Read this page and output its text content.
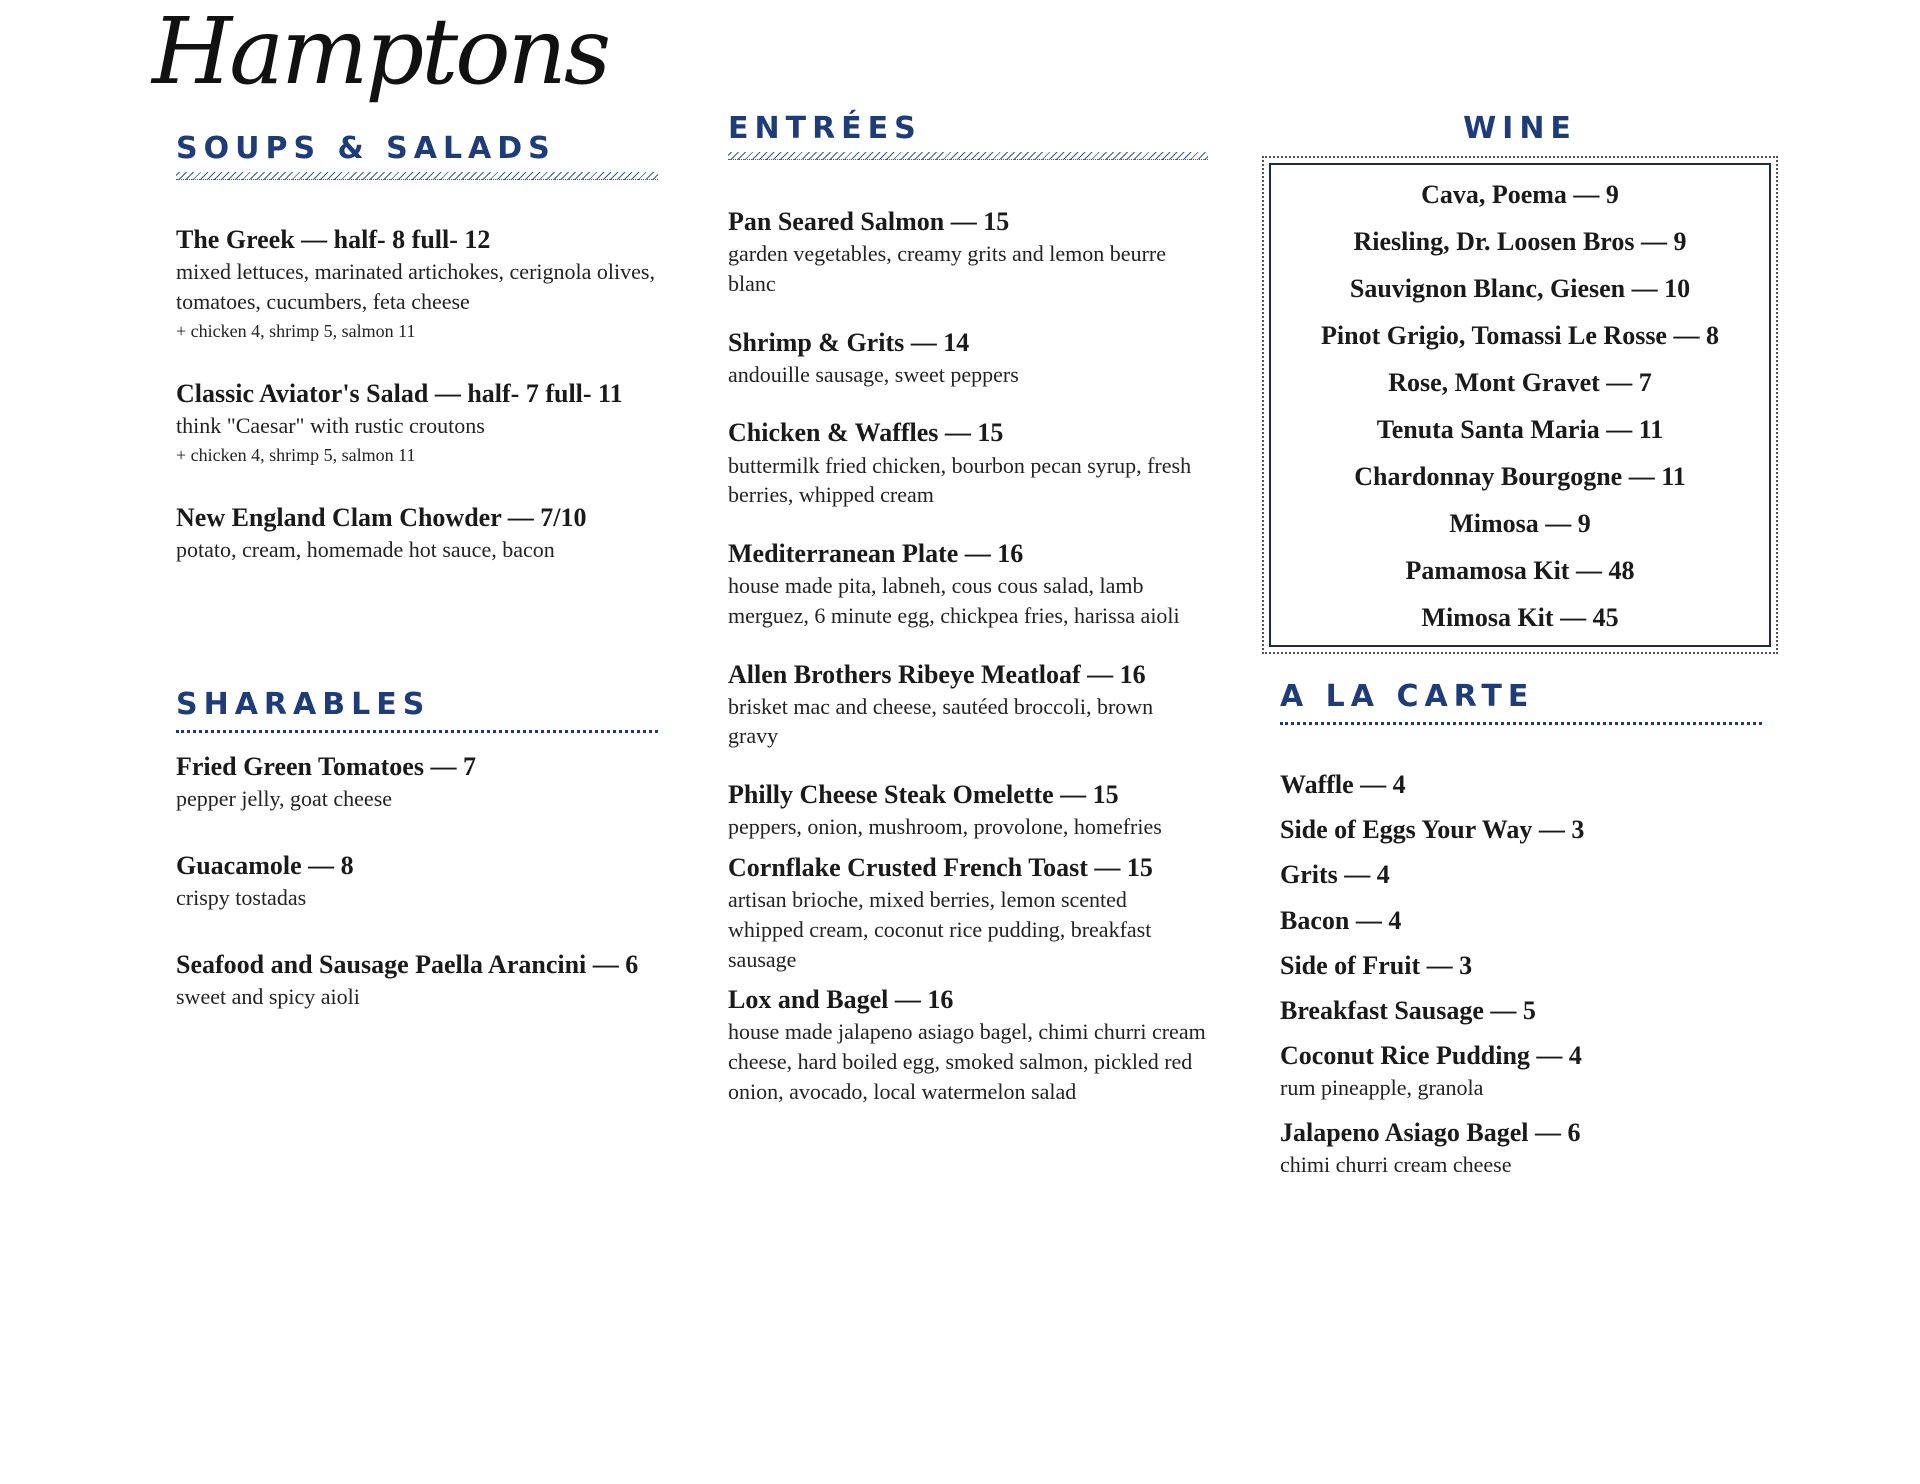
Hamptons
SOUPS & SALADS

The Greek — half- 8 full- 12

mixed lettuces, marinated artichokes, cerignola olives, tomatoes, cucumbers, feta cheese

+ chicken 4, shrimp 5, salmon 11

Classic Aviator's Salad — half- 7 full- 11

think "Caesar" with rustic croutons

+ chicken 4, shrimp 5, salmon 11

New England Clam Chowder — 7/10

potato, cream, homemade hot sauce, bacon

SHARABLES

Fried Green Tomatoes — 7

pepper jelly, goat cheese

Guacamole — 8

crispy tostadas

Seafood and Sausage Paella Arancini — 6

sweet and spicy aioli

ENTRÉES

Pan Seared Salmon — 15

garden vegetables, creamy grits and lemon beurre blanc

Shrimp & Grits — 14

andouille sausage, sweet peppers

Chicken & Waffles — 15

buttermilk fried chicken, bourbon pecan syrup, fresh berries, whipped cream

Mediterranean Plate — 16

house made pita, labneh, cous cous salad, lamb merguez, 6 minute egg, chickpea fries, harissa aioli

Allen Brothers Ribeye Meatloaf — 16

brisket mac and cheese, sautéed broccoli, brown gravy

Philly Cheese Steak Omelette — 15

peppers, onion, mushroom, provolone, homefries

Cornflake Crusted French Toast — 15

artisan brioche, mixed berries, lemon scented whipped cream, coconut rice pudding, breakfast sausage

Lox and Bagel — 16

house made jalapeno asiago bagel, chimi churri cream cheese, hard boiled egg, smoked salmon, pickled red onion, avocado, local watermelon salad

WINE

Cava, Poema — 9

Riesling, Dr. Loosen Bros — 9

Sauvignon Blanc, Giesen — 10

Pinot Grigio, Tomassi Le Rosse — 8

Rose, Mont Gravet — 7

Tenuta Santa Maria — 11

Chardonnay Bourgogne — 11

Mimosa — 9

Pamamosa Kit — 48

Mimosa Kit — 45

A LA CARTE

Waffle — 4

Side of Eggs Your Way — 3

Grits — 4

Bacon — 4

Side of Fruit — 3

Breakfast Sausage — 5

Coconut Rice Pudding — 4

rum pineapple, granola

Jalapeno Asiago Bagel — 6

chimi churri cream cheese
